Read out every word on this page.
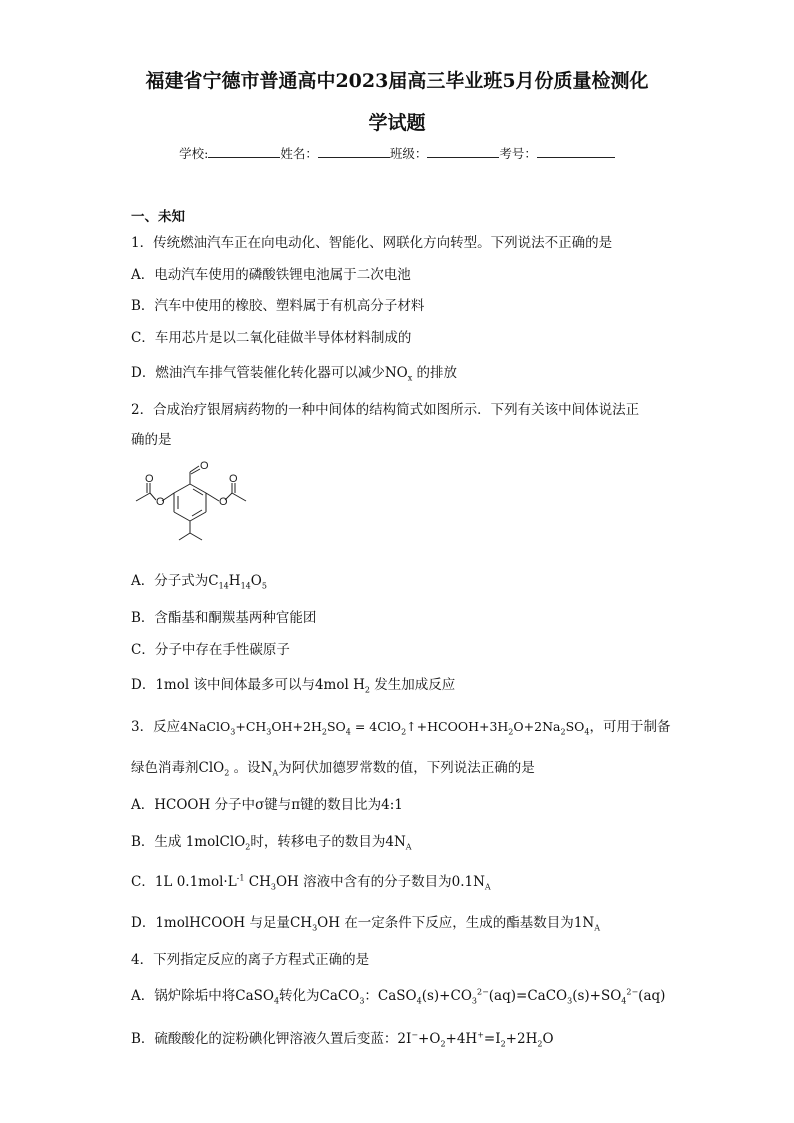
福建省宁德市普通高中2023届高三毕业班5月份质量检测化
学试题
学校:	姓名：	班级：	考号：
一、未知
1．传统燃油汽车正在向电动化、智能化、网联化方向转型。下列说法不正确的是
A．电动汽车使用的磷酸铁锂电池属于二次电池
B．汽车中使用的橡胶、塑料属于有机高分子材料
C．车用芯片是以二氧化硅做半导体材料制成的
D．燃油汽车排气管装催化转化器可以减少$NO_x$ 的排放
2．合成治疗银屑病药物的一种中间体的结构简式如图所示．下列有关该中间体说法正
确的是
O
O
O
O
O
A．分子式为$C_{14}H_{14}O_5$
B．含酯基和酮羰基两种官能团
C．分子中存在手性碳原子
D．1mol 该中间体最多可以与4mol $H_2$ 发生加成反应
3．反应$4NaClO_3+CH_3OH+2H_2SO_4$ = $4ClO_2↑+HCOOH+3H_2O+2Na_2SO_4$，可用于制备
绿色消毒剂ClO$_2$ 。设$N_A$为阿伏加德罗常数的值，下列说法正确的是
A．HCOOH 分子中σ键与π键的数目比为4:1
B．生成 1molClO$_2$时，转移电子的数目为$4N_A$
C．1L $0.1mol\cdot L^{-1}$ $CH_3OH$ 溶液中含有的分子数目为$0.1N_A$
D．1molHCOOH 与足量$CH_3OH$ 在一定条件下反应，生成的酯基数目为$1N_A$
4．下列指定反应的离子方程式正确的是
A．锅炉除垢中将CaSO$_4$转化为CaCO$_3$：$CaSO_4(s)+CO_3^{2-}(aq)=CaCO_3(s)+SO_4^{2-}(aq)$
B．硫酸酸化的淀粉碘化钾溶液久置后变蓝：$2I^-+O_2+4H^+=I_2+2H_2O$
